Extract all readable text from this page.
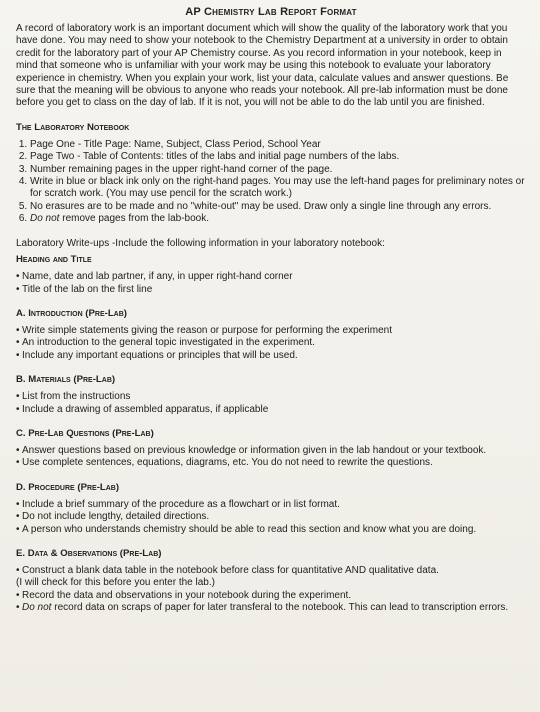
AP Chemistry Lab Report Format

A record of laboratory work is an important document which will show the quality of the laboratory work that you have done. You may need to show your notebook to the Chemistry Department at a university in order to obtain credit for the laboratory part of your AP Chemistry course. As you record information in your notebook, keep in mind that someone who is unfamiliar with your work may be using this notebook to evaluate your laboratory experience in chemistry. When you explain your work, list your data, calculate values and answer questions. Be sure that the meaning will be obvious to anyone who reads your notebook. All pre-lab information must be done before you get to class on the day of lab. If it is not, you will not be able to do the lab until you are finished.

The Laboratory Notebook
1. Page One - Title Page: Name, Subject, Class Period, School Year
2. Page Two - Table of Contents: titles of the labs and initial page numbers of the labs.
3. Number remaining pages in the upper right-hand corner of the page.
4. Write in blue or black ink only on the right-hand pages. You may use the left-hand pages for preliminary notes or for scratch work. (You may use pencil for the scratch work.)
5. No erasures are to be made and no "white-out" may be used. Draw only a single line through any errors.
6. Do not remove pages from the lab-book.

Laboratory Write-ups -Include the following information in your laboratory notebook:

Heading and Title
• Name, date and lab partner, if any, in upper right-hand corner
• Title of the lab on the first line
A. Introduction (Pre-Lab)
• Write simple statements giving the reason or purpose for performing the experiment
• An introduction to the general topic investigated in the experiment.
• Include any important equations or principles that will be used.
B. Materials (Pre-Lab)
• List from the instructions
• Include a drawing of assembled apparatus, if applicable
C. Pre-Lab Questions (Pre-Lab)
• Answer questions based on previous knowledge or information given in the lab handout or your textbook.
• Use complete sentences, equations, diagrams, etc. You do not need to rewrite the questions.
D. Procedure (Pre-Lab)
• Include a brief summary of the procedure as a flowchart or in list format.
• Do not include lengthy, detailed directions.
• A person who understands chemistry should be able to read this section and know what you are doing.
E. Data & Observations (Pre-Lab)
• Construct a blank data table in the notebook before class for quantitative AND qualitative data.
(I will check for this before you enter the lab.)
• Record the data and observations in your notebook during the experiment.
• Do not record data on scraps of paper for later transferal to the notebook. This can lead to transcription errors.
